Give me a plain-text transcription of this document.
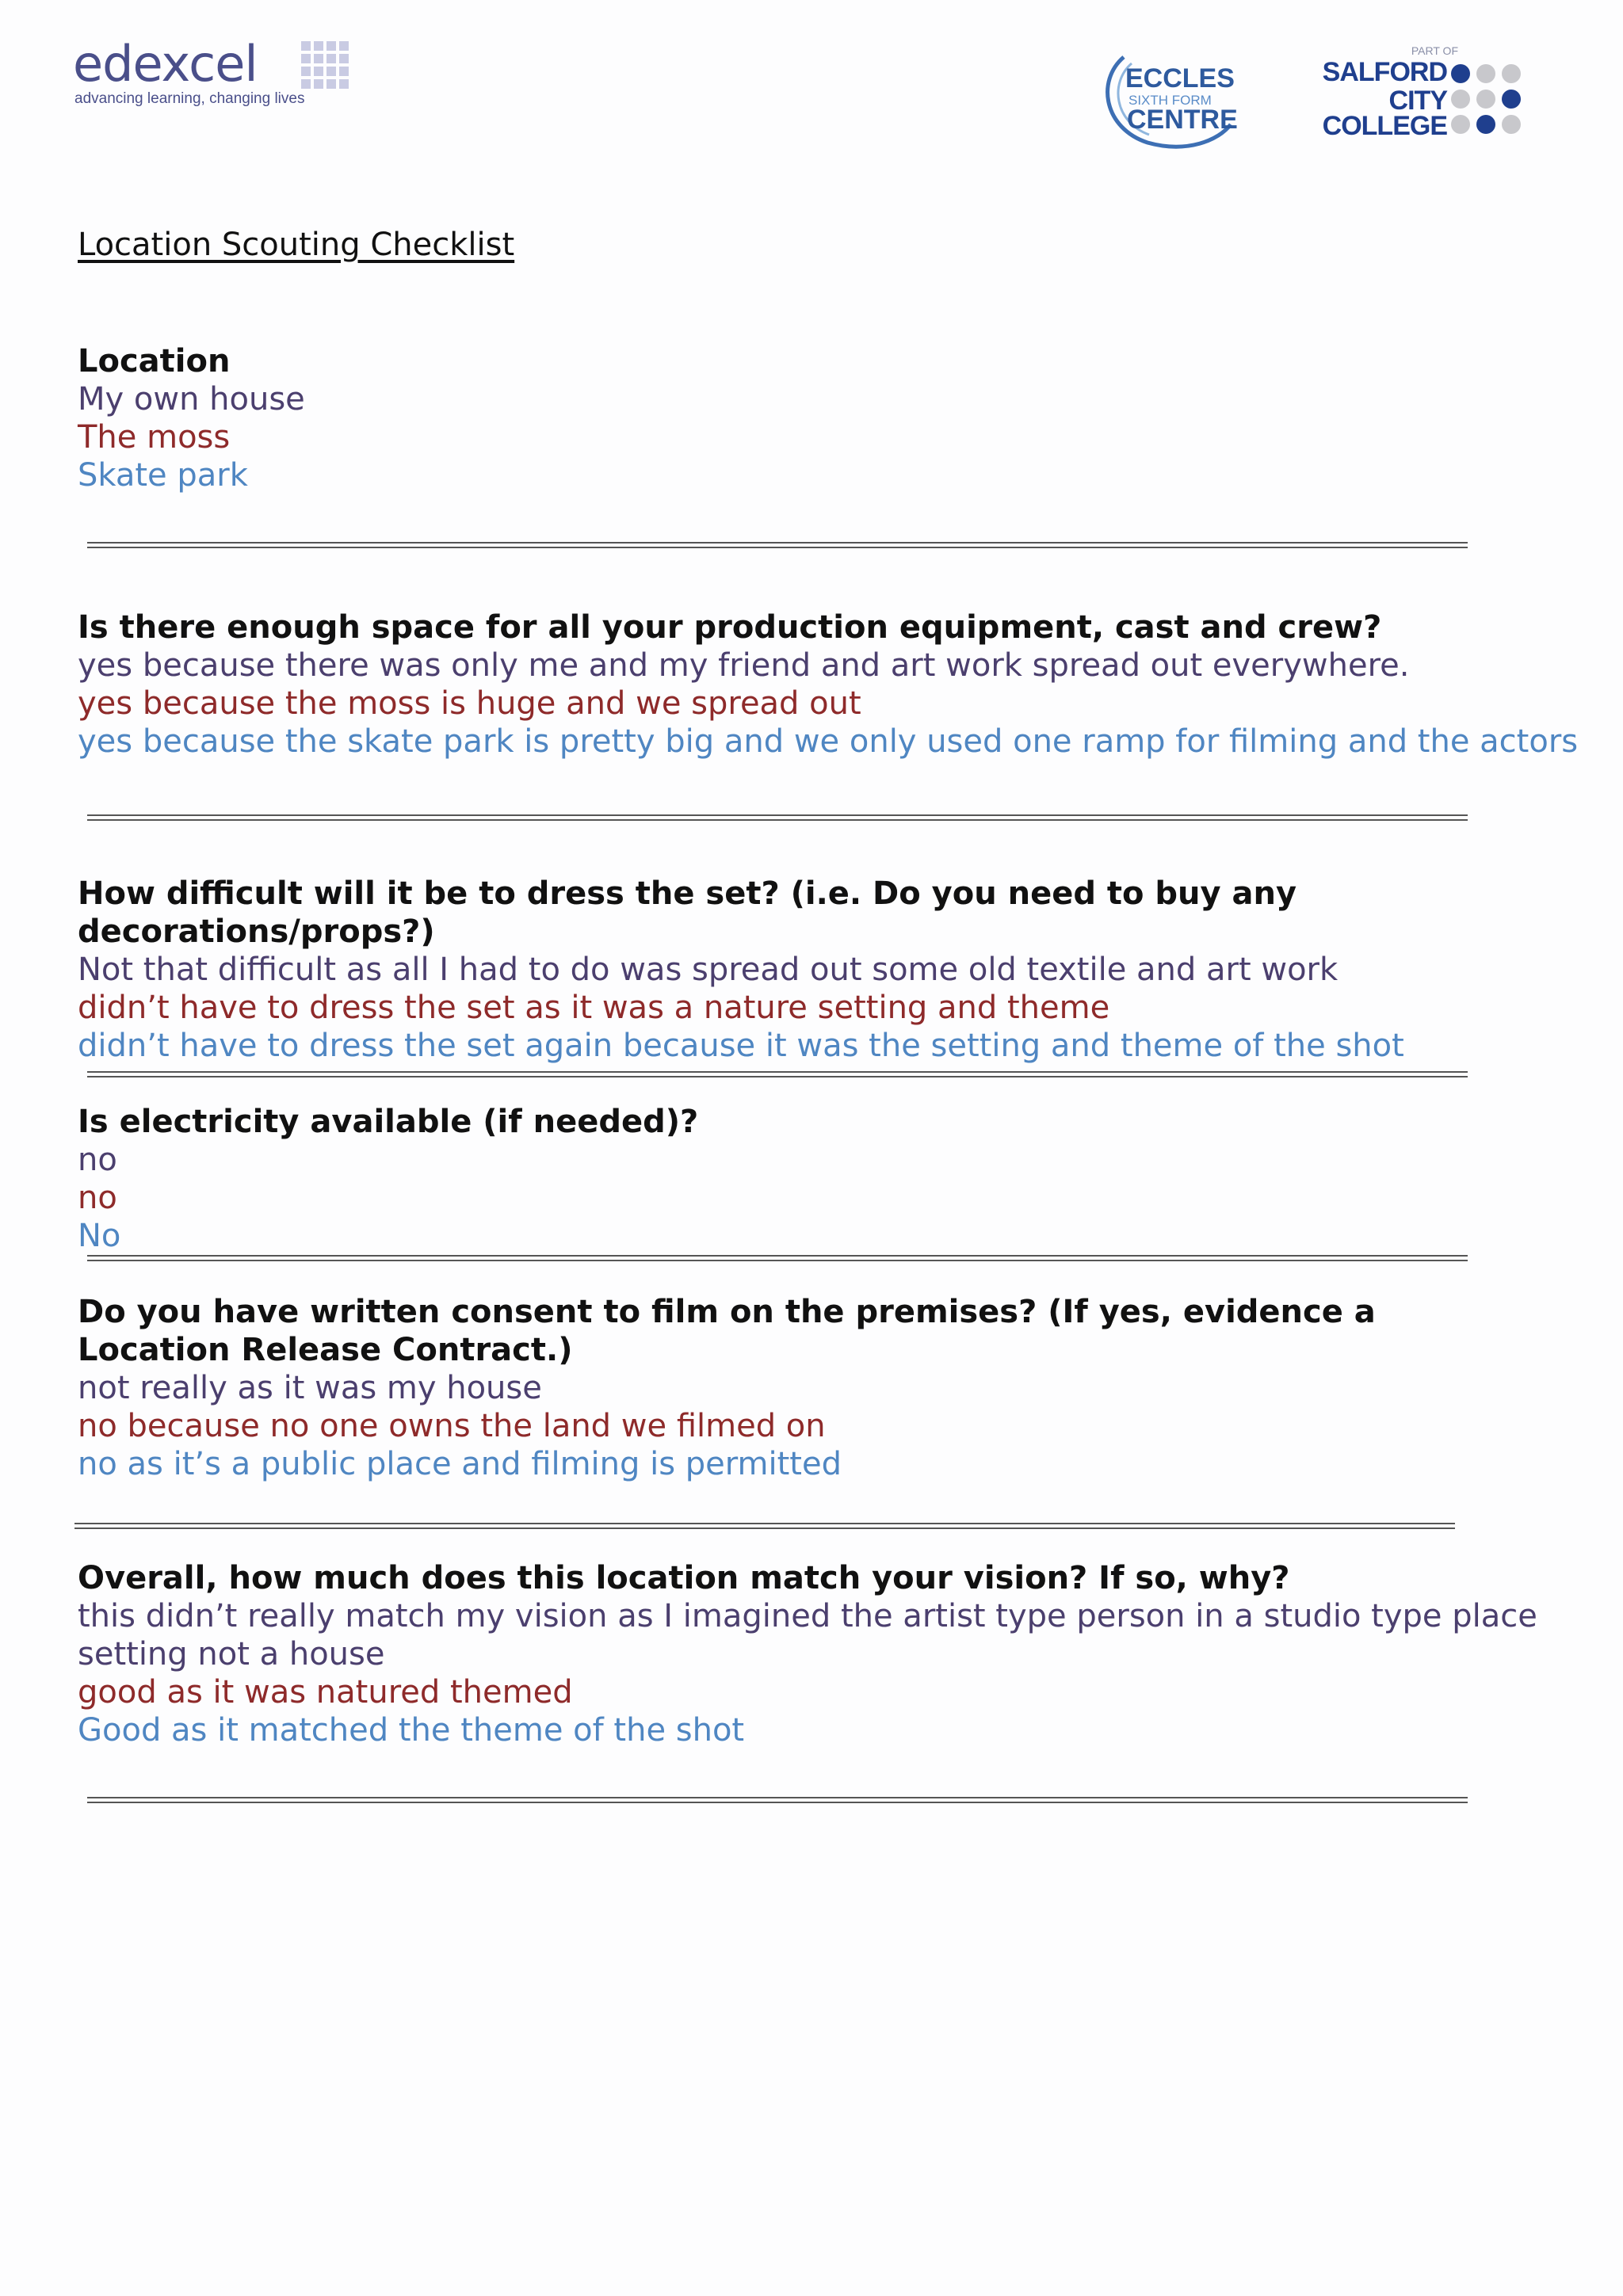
edexcel
advancing learning, changing lives
ECCLES
SIXTH FORM
CENTRE
PART OF
SALFORD
CITY
COLLEGE
Location Scouting Checklist
Location
My own house
The moss
Skate park
Is there enough space for all your production equipment, cast and crew?
yes because there was only me and my friend and art work spread out everywhere.
yes because the moss is huge and we spread out
yes because the skate park is pretty big and we only used one ramp for filming and the actors
How difficult will it be to dress the set? (i.e. Do you need to buy any decorations/props?)
Not that difficult as all I had to do was spread out some old textile and art work
didn’t have to dress the set as it was a nature setting and theme
didn’t have to dress the set again because it was the setting and theme of the shot
Is electricity available (if needed)?
no
no
No
Do you have written consent to film on the premises? (If yes, evidence a Location Release Contract.)
not really as it was my house
no because no one owns the land we filmed on
no as it’s a public place and filming is permitted
Overall, how much does this location match your vision? If so, why?
this didn’t really match my vision as I imagined the artist type person in a studio type place setting not a house
good as it was natured themed
Good as it matched the theme of the shot
